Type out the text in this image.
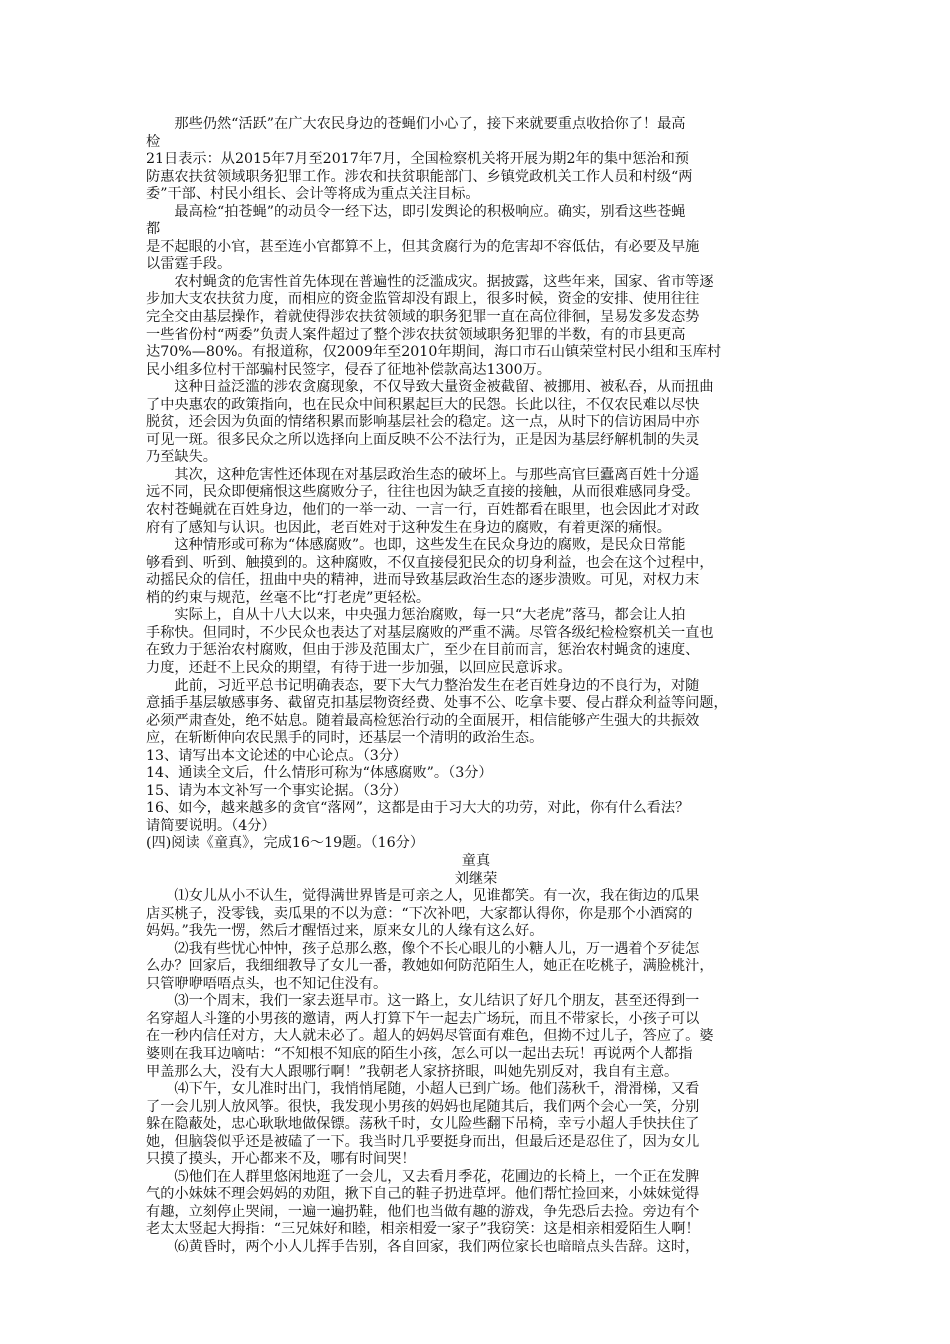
那些仍然“活跃”在广大农民身边的苍蝇们小心了，接下来就要重点收拾你了！最高

检

21日表示：从2015年7月至2017年7月，全国检察机关将开展为期2年的集中惩治和预

防惠农扶贫领域职务犯罪工作。涉农和扶贫职能部门、乡镇党政机关工作人员和村级“两

委”干部、村民小组长、会计等将成为重点关注目标。

最高检“拍苍蝇”的动员令一经下达，即引发舆论的积极响应。确实，别看这些苍蝇

都

是不起眼的小官，甚至连小官都算不上，但其贪腐行为的危害却不容低估，有必要及早施

以雷霆手段。

农村蝇贪的危害性首先体现在普遍性的泛滥成灾。据披露，这些年来，国家、省市等逐

步加大支农扶贫力度，而相应的资金监管却没有跟上，很多时候，资金的安排、使用往往

完全交由基层操作，着就使得涉农扶贫领域的职务犯罪一直在高位徘徊，呈易发多发态势

一些省份村“两委”负责人案件超过了整个涉农扶贫领域职务犯罪的半数，有的市县更高

达70%—80%。有报道称，仅2009年至2010年期间，海口市石山镇荣堂村民小组和玉库村

民小组多位村干部骗村民签字，侵吞了征地补偿款高达1300万。

这种日益泛滥的涉农贪腐现象，不仅导致大量资金被截留、被挪用、被私吞，从而扭曲

了中央惠农的政策指向，也在民众中间积累起巨大的民怨。长此以往，不仅农民难以尽快

脱贫，还会因为负面的情绪积累而影响基层社会的稳定。这一点，从时下的信访困局中亦

可见一斑。很多民众之所以选择向上面反映不公不法行为，正是因为基层纾解机制的失灵

乃至缺失。

其次，这种危害性还体现在对基层政治生态的破坏上。与那些高官巨蠹离百姓十分遥

远不同，民众即便痛恨这些腐败分子，往往也因为缺乏直接的接触，从而很难感同身受。

农村苍蝇就在百姓身边，他们的一举一动、一言一行，百姓都看在眼里，也会因此才对政

府有了感知与认识。也因此，老百姓对于这种发生在身边的腐败，有着更深的痛恨。

这种情形或可称为“体感腐败”。也即，这些发生在民众身边的腐败，是民众日常能

够看到、听到、触摸到的。这种腐败，不仅直接侵犯民众的切身利益，也会在这个过程中，

动摇民众的信任，扭曲中央的精神，进而导致基层政治生态的逐步溃败。可见，对权力末

梢的约束与规范，丝毫不比“打老虎”更轻松。

实际上，自从十八大以来，中央强力惩治腐败，每一只“大老虎”落马，都会让人拍

手称快。但同时，不少民众也表达了对基层腐败的严重不满。尽管各级纪检检察机关一直也

在致力于惩治农村腐败，但由于涉及范围太广，至少在目前而言，惩治农村蝇贪的速度、

力度，还赶不上民众的期望，有待于进一步加强，以回应民意诉求。

此前，习近平总书记明确表态，要下大气力整治发生在老百姓身边的不良行为，对随

意插手基层敏感事务、截留克扣基层物资经费、处事不公、吃拿卡要、侵占群众利益等问题，

必须严肃查处，绝不姑息。随着最高检惩治行动的全面展开，相信能够产生强大的共振效

应，在斩断伸向农民黑手的同时，还基层一个清明的政治生态。

13、请写出本文论述的中心论点。（3分）

14、通读全文后，什么情形可称为“体感腐败”。（3分）

15、请为本文补写一个事实论据。（3分）

16、如今，越来越多的贪官“落网”，这都是由于习大大的功劳，对此，你有什么看法？

请简要说明。（4分）

(四)阅读《童真》，完成16～19题。（16分）

童真

刘继荣

⑴女儿从小不认生，觉得满世界皆是可亲之人，见谁都笑。有一次，我在街边的瓜果

店买桃子，没零钱，卖瓜果的不以为意：“下次补吧，大家都认得你，你是那个小酒窝的

妈妈。”我先一愣，然后才醒悟过来，原来女儿的人缘有这么好。

⑵我有些忧心忡忡，孩子总那么憨，像个不长心眼儿的小糖人儿，万一遇着个歹徒怎

么办？回家后，我细细教导了女儿一番，教她如何防范陌生人，她正在吃桃子，满脸桃汁，

只管咿咿唔唔点头，也不知记住没有。

⑶一个周末，我们一家去逛早市。这一路上，女儿结识了好几个朋友，甚至还得到一

名穿超人斗篷的小男孩的邀请，两人打算下午一起去广场玩，而且不带家长，小孩子可以

在一秒内信任对方，大人就未必了。超人的妈妈尽管面有难色，但拗不过儿子，答应了。婆

婆则在我耳边嘀咕：“不知根不知底的陌生小孩，怎么可以一起出去玩！再说两个人都指

甲盖那么大，没有大人跟哪行啊！”我朝老人家挤挤眼，叫她先别反对，我自有主意。

⑷下午，女儿准时出门，我悄悄尾随，小超人已到广场。他们荡秋千，滑滑梯，又看

了一会儿别人放风筝。很快，我发现小男孩的妈妈也尾随其后，我们两个会心一笑，分别

躲在隐蔽处，忠心耿耿地做保镖。荡秋千时，女儿险些翻下吊椅，幸亏小超人手快扶住了

她，但脑袋似乎还是被磕了一下。我当时几乎要挺身而出，但最后还是忍住了，因为女儿

只摸了摸头，开心都来不及，哪有时间哭！

⑸他们在人群里悠闲地逛了一会儿，又去看月季花，花圃边的长椅上，一个正在发脾

气的小妹妹不理会妈妈的劝阻，揪下自己的鞋子扔进草坪。他们帮忙捡回来，小妹妹觉得

有趣，立刻停止哭闹，一遍一遍扔鞋，他们也当做有趣的游戏，争先恐后去捡。旁边有个

老太太竖起大拇指：“三兄妹好和睦，相亲相爱一家子”我窃笑：这是相亲相爱陌生人啊！

⑹黄昏时，两个小人儿挥手告别，各自回家，我们两位家长也暗暗点头告辞。这时，
